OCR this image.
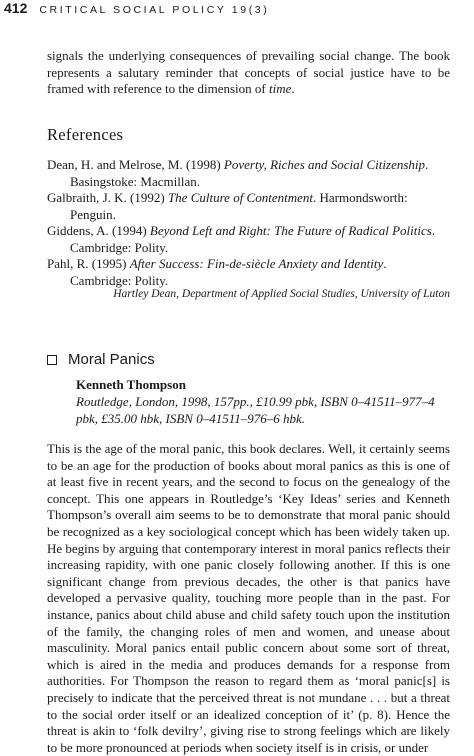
412 CRITICAL SOCIAL POLICY 19(3)

signals the underlying consequences of prevailing social change. The book represents a salutary reminder that concepts of social justice have to be framed with reference to the dimension of time.

References
Dean, H. and Melrose, M. (1998) Poverty, Riches and Social Citizenship. Basingstoke: Macmillan.
Galbraith, J. K. (1992) The Culture of Contentment. Harmondsworth: Penguin.
Giddens, A. (1994) Beyond Left and Right: The Future of Radical Politics. Cambridge: Polity.
Pahl, R. (1995) After Success: Fin-de-siècle Anxiety and Identity. Cambridge: Polity.
Hartley Dean, Department of Applied Social Studies, University of Luton
Moral Panics
Kenneth Thompson
Routledge, London, 1998, 157pp., £10.99 pbk, ISBN 0–41511–977–4 pbk, £35.00 hbk, ISBN 0–41511–976–6 hbk.

This is the age of the moral panic, this book declares. Well, it certainly seems to be an age for the production of books about moral panics as this is one of at least five in recent years, and the second to focus on the genealogy of the concept. This one appears in Routledge’s ‘Key Ideas’ series and Kenneth Thompson’s overall aim seems to be to demonstrate that moral panic should be recognized as a key sociological concept which has been widely taken up. He begins by arguing that contemporary interest in moral panics reflects their increasing rapidity, with one panic closely following another. If this is one significant change from previous decades, the other is that panics have developed a pervasive quality, touching more people than in the past. For instance, panics about child abuse and child safety touch upon the institution of the family, the changing roles of men and women, and unease about masculinity. Moral panics entail public concern about some sort of threat, which is aired in the media and produces demands for a response from authorities. For Thompson the reason to regard them as ‘moral panic[s] is precisely to indicate that the perceived threat is not mundane . . . but a threat to the social order itself or an idealized conception of it’ (p. 8). Hence the threat is akin to ‘folk devilry’, giving rise to strong feelings which are likely to be more pronounced at periods when society itself is in crisis, or under
